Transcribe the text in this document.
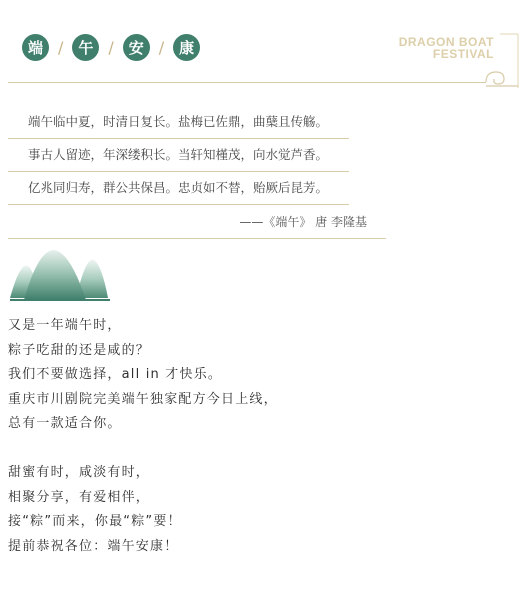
端 / 午 / 安 / 康	DRAGON BOAT
FESTIVAL
端午临中夏，时清日复长。盐梅已佐鼎，曲蘖且传觞。
事古人留迹，年深缕积长。当轩知槿茂，向水觉芦香。
亿兆同归寿，群公共保昌。忠贞如不替，贻厥后昆芳。
——《端午》 唐 李隆基
又是一年端午时，
粽子吃甜的还是咸的？
我们不要做选择，all in 才快乐。
重庆市川剧院完美端午独家配方今日上线，
总有一款适合你。
甜蜜有时，咸淡有时，
相聚分享，有爱相伴，
接“粽”而来，你最“粽”要！
提前恭祝各位：端午安康！
